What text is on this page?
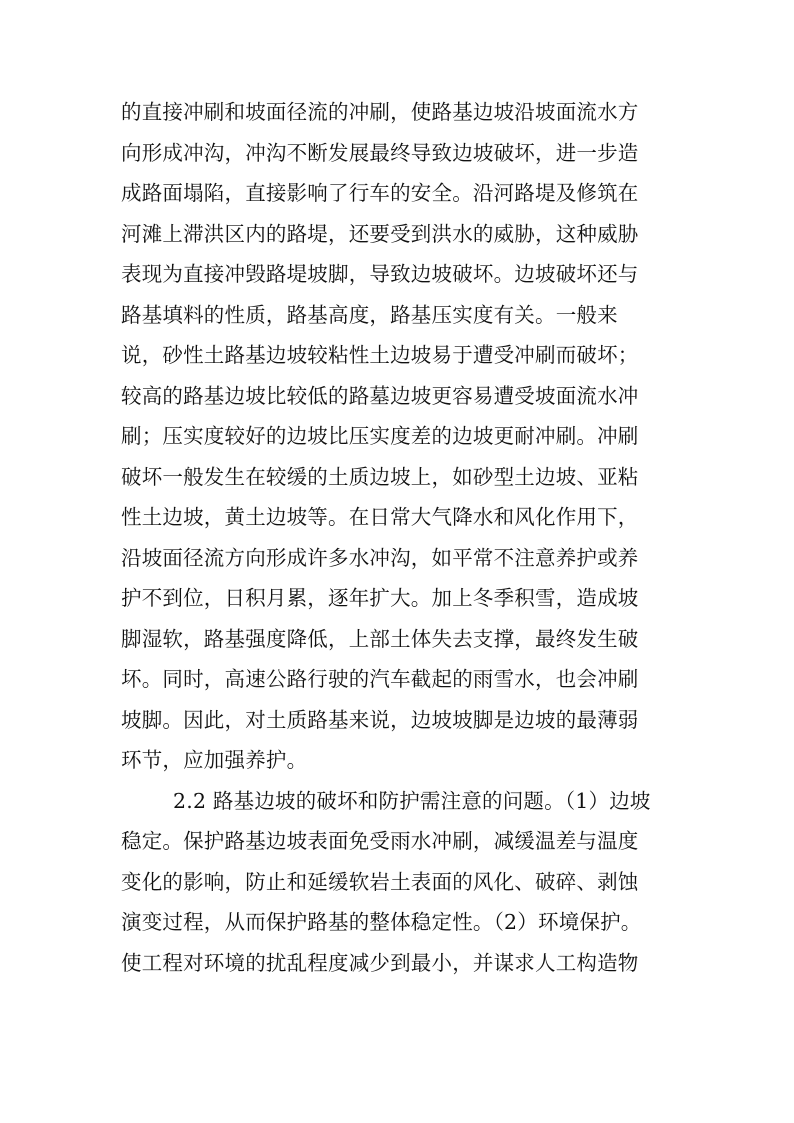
的直接冲刷和坡面径流的冲刷，使路基边坡沿坡面流水方
向形成冲沟，冲沟不断发展最终导致边坡破坏，进一步造
成路面塌陷，直接影响了行车的安全。沿河路堤及修筑在
河滩上滞洪区内的路堤，还要受到洪水的威胁，这种威胁
表现为直接冲毁路堤坡脚，导致边坡破坏。边坡破坏还与
路基填料的性质，路基高度，路基压实度有关。一般来
说，砂性土路基边坡较粘性土边坡易于遭受冲刷而破坏；
较高的路基边坡比较低的路墓边坡更容易遭受坡面流水冲
刷；压实度较好的边坡比压实度差的边坡更耐冲刷。冲刷
破坏一般发生在较缓的土质边坡上，如砂型土边坡、亚粘
性土边坡，黄土边坡等。在日常大气降水和风化作用下，
沿坡面径流方向形成许多水冲沟，如平常不注意养护或养
护不到位，日积月累，逐年扩大。加上冬季积雪，造成坡
脚湿软，路基强度降低，上部土体失去支撑，最终发生破
坏。同时，高速公路行驶的汽车截起的雨雪水，也会冲刷
坡脚。因此，对土质路基来说，边坡坡脚是边坡的最薄弱
环节，应加强养护。
2.2 路基边坡的破坏和防护需注意的问题。（1）边坡
稳定。保护路基边坡表面免受雨水冲刷，减缓温差与温度
变化的影响，防止和延缓软岩土表面的风化、破碎、剥蚀
演变过程，从而保护路基的整体稳定性。（2）环境保护。
使工程对环境的扰乱程度减少到最小，并谋求人工构造物
